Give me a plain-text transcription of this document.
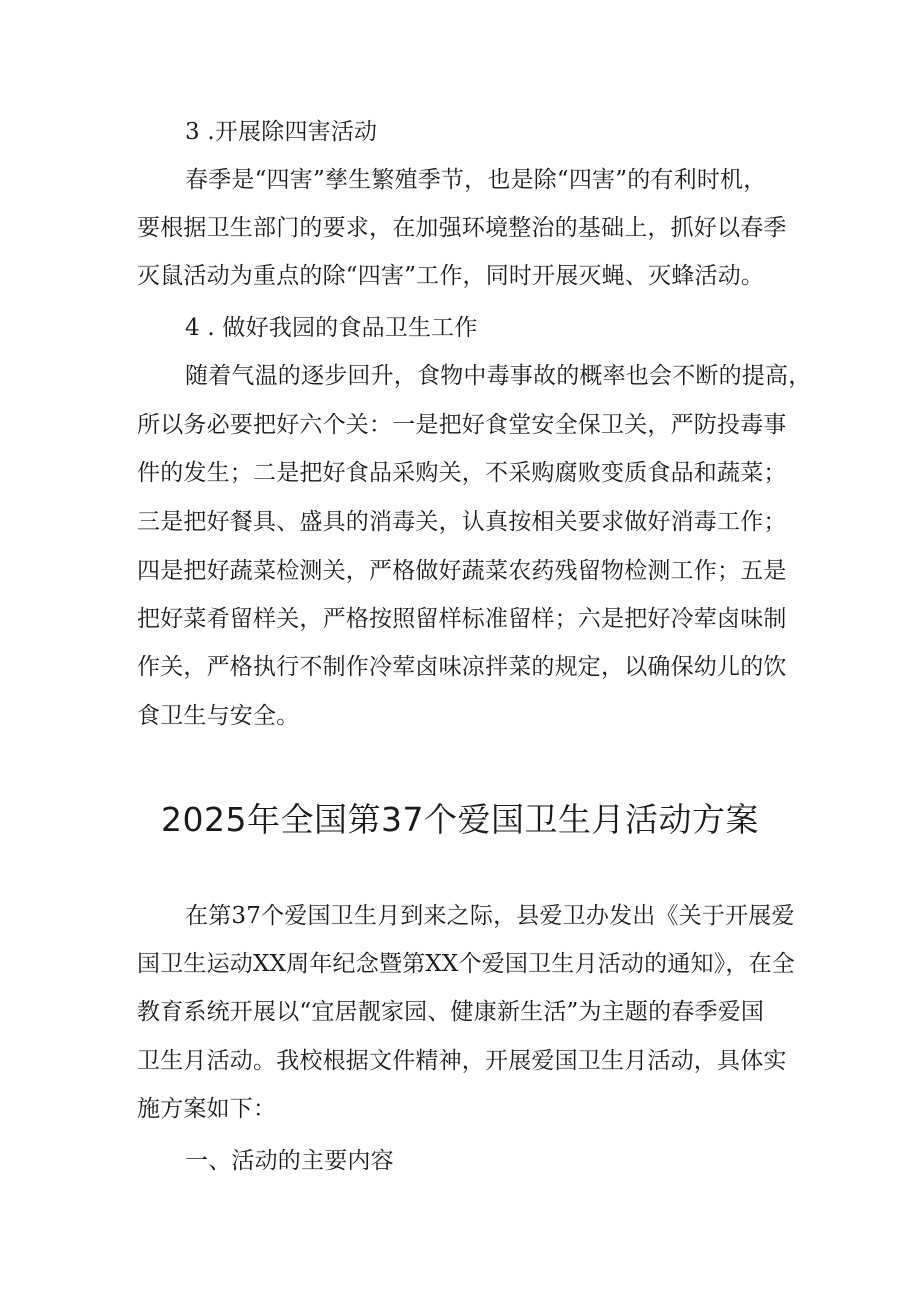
3 .开展除四害活动
春季是“四害”孳生繁殖季节，也是除“四害”的有利时机，
要根据卫生部门的要求，在加强环境整治的基础上，抓好以春季
灭鼠活动为重点的除“四害”工作，同时开展灭蝇、灭蜂活动。
4 . 做好我园的食品卫生工作
随着气温的逐步回升，食物中毒事故的概率也会不断的提高，
所以务必要把好六个关：一是把好食堂安全保卫关，严防投毒事
件的发生；二是把好食品采购关，不采购腐败变质食品和蔬菜；
三是把好餐具、盛具的消毒关，认真按相关要求做好消毒工作；
四是把好蔬菜检测关，严格做好蔬菜农药残留物检测工作；五是
把好菜肴留样关，严格按照留样标准留样；六是把好冷荤卤味制
作关，严格执行不制作冷荤卤味凉拌菜的规定，以确保幼儿的饮
食卫生与安全。
2025年全国第37个爱国卫生月活动方案
在第37个爱国卫生月到来之际，县爱卫办发出《关于开展爱
国卫生运动XX周年纪念暨第XX个爱国卫生月活动的通知》，在全
教育系统开展以“宜居靓家园、健康新生活”为主题的春季爱国
卫生月活动。我校根据文件精神，开展爱国卫生月活动，具体实
施方案如下：
一、活动的主要内容
